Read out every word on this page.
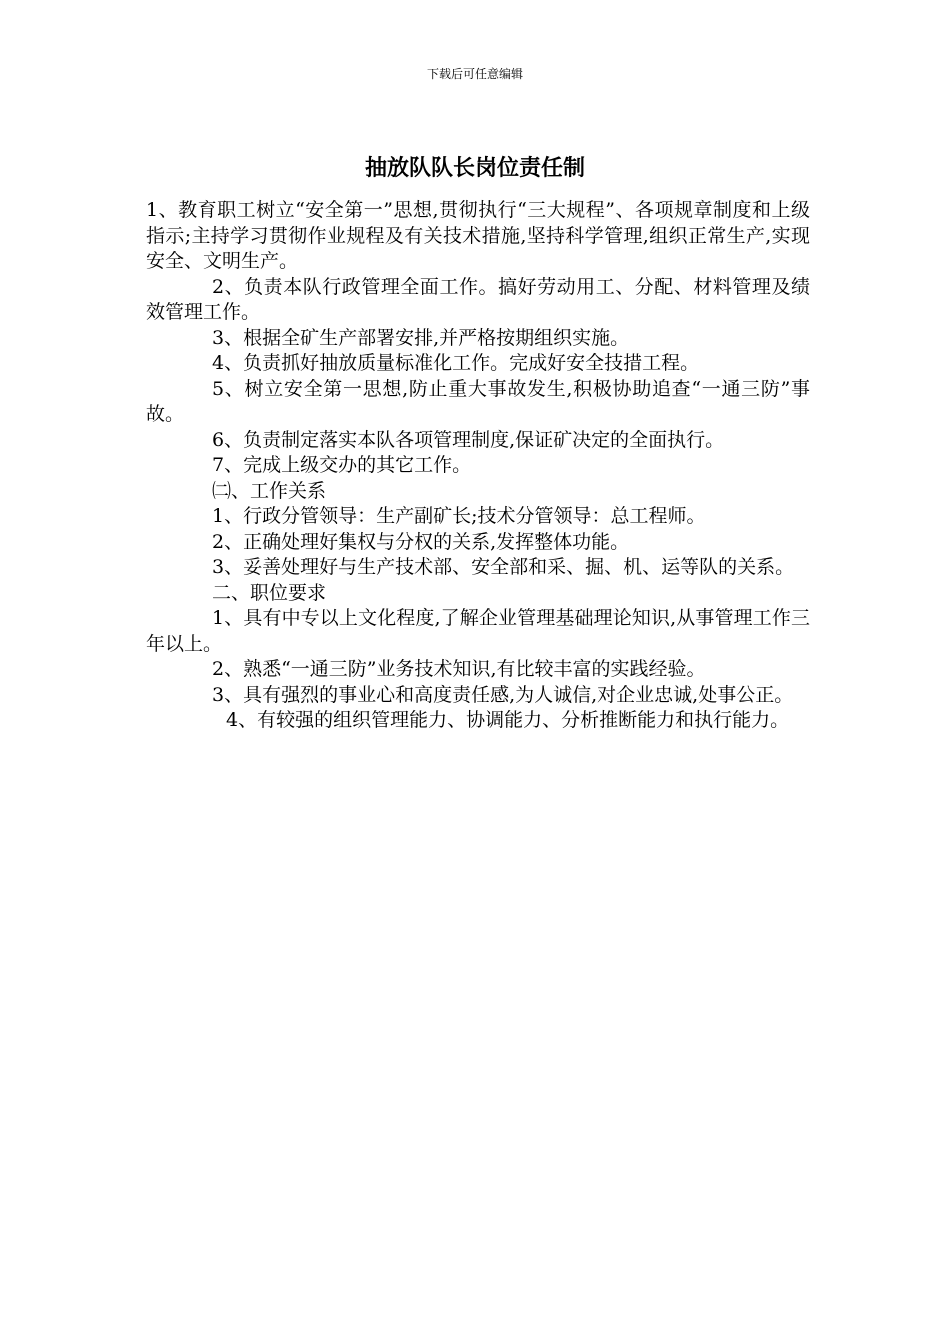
下载后可任意编辑
抽放队队长岗位责任制

1、教育职工树立“安全第一”思想,贯彻执行“三大规程”、各项规章制度和上级指示;主持学习贯彻作业规程及有关技术措施,坚持科学管理,组织正常生产,实现安全、文明生产。

2、负责本队行政管理全面工作。搞好劳动用工、分配、材料管理及绩效管理工作。

3、根据全矿生产部署安排,并严格按期组织实施。

4、负责抓好抽放质量标准化工作。完成好安全技措工程。

5、树立安全第一思想,防止重大事故发生,积极协助追查“一通三防”事故。

6、负责制定落实本队各项管理制度,保证矿决定的全面执行。

7、完成上级交办的其它工作。

㈡、工作关系

1、行政分管领导：生产副矿长;技术分管领导：总工程师。

2、正确处理好集权与分权的关系,发挥整体功能。

3、妥善处理好与生产技术部、安全部和采、掘、机、运等队的关系。

二、职位要求

1、具有中专以上文化程度,了解企业管理基础理论知识,从事管理工作三年以上。

2、熟悉“一通三防”业务技术知识,有比较丰富的实践经验。

3、具有强烈的事业心和高度责任感,为人诚信,对企业忠诚,处事公正。

4、有较强的组织管理能力、协调能力、分析推断能力和执行能力。
